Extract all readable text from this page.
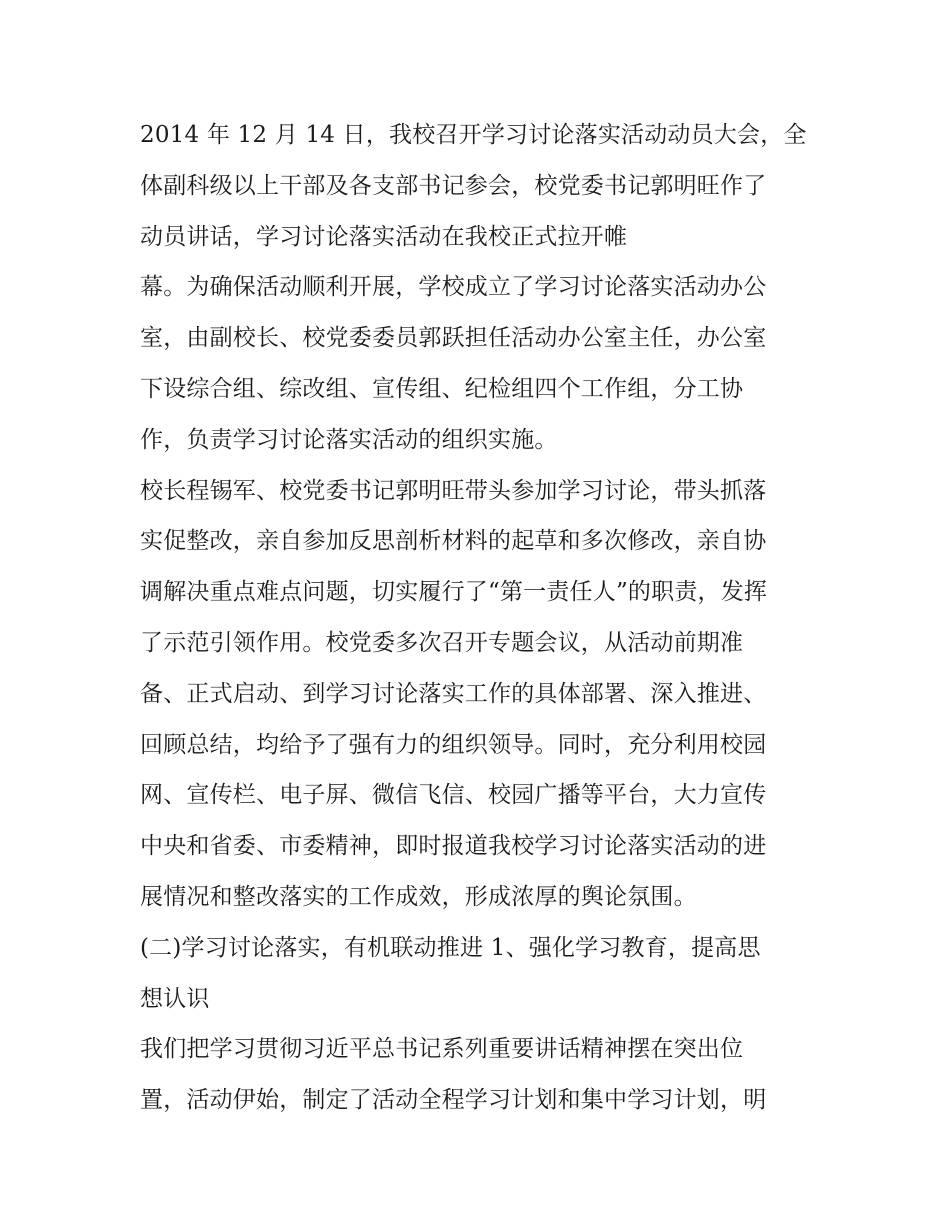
2014 年 12 月 14 日，我校召开学习讨论落实活动动员大会，全
体副科级以上干部及各支部书记参会，校党委书记郭明旺作了
动员讲话，学习讨论落实活动在我校正式拉开帷
幕。为确保活动顺利开展，学校成立了学习讨论落实活动办公
室，由副校长、校党委委员郭跃担任活动办公室主任，办公室
下设综合组、综改组、宣传组、纪检组四个工作组，分工协
作，负责学习讨论落实活动的组织实施。
校长程锡军、校党委书记郭明旺带头参加学习讨论，带头抓落
实促整改，亲自参加反思剖析材料的起草和多次修改，亲自协
调解决重点难点问题，切实履行了“第一责任人”的职责，发挥
了示范引领作用。校党委多次召开专题会议，从活动前期准
备、正式启动、到学习讨论落实工作的具体部署、深入推进、
回顾总结，均给予了强有力的组织领导。同时，充分利用校园
网、宣传栏、电子屏、微信飞信、校园广播等平台，大力宣传
中央和省委、市委精神，即时报道我校学习讨论落实活动的进
展情况和整改落实的工作成效，形成浓厚的舆论氛围。
(二)学习讨论落实，有机联动推进 1、强化学习教育，提高思
想认识
我们把学习贯彻习近平总书记系列重要讲话精神摆在突出位
置，活动伊始，制定了活动全程学习计划和集中学习计划，明
